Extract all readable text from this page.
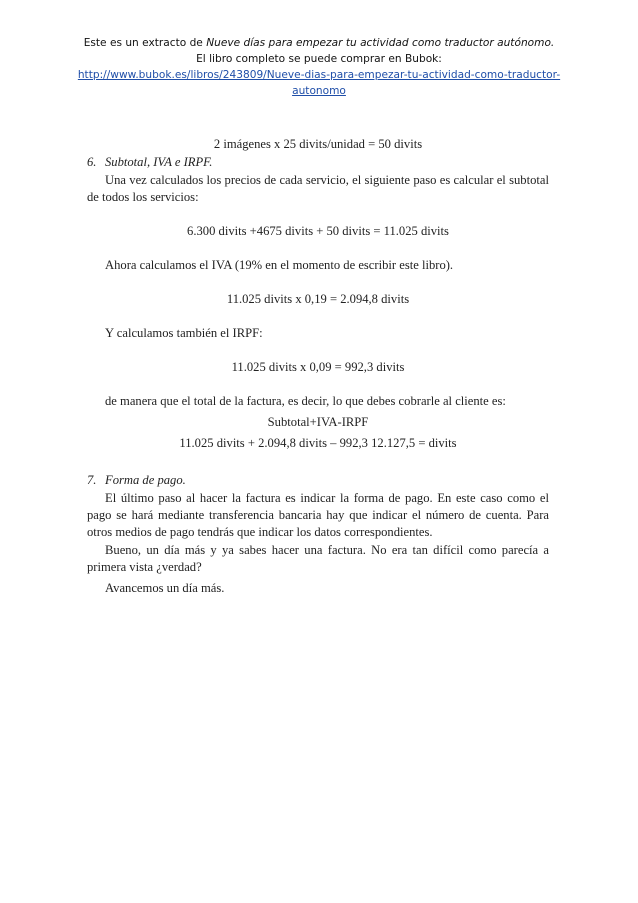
Este es un extracto de Nueve días para empezar tu actividad como traductor autónomo.
El libro completo se puede comprar en Bubok:
http://www.bubok.es/libros/243809/Nueve-dias-para-empezar-tu-actividad-como-traductor-
autonomo

2 imágenes x 25 divits/unidad = 50 divits

6. Subtotal, IVA e IRPF.

Una vez calculados los precios de cada servicio, el siguiente paso es calcular el subtotal de todos los servicios:

6.300 divits +4675 divits + 50 divits = 11.025 divits

Ahora calculamos el IVA (19% en el momento de escribir este libro).

11.025 divits x 0,19 = 2.094,8 divits

Y calculamos también el IRPF:

11.025 divits x 0,09 = 992,3 divits

de manera que el total de la factura, es decir, lo que debes cobrarle al cliente es:

Subtotal+IVA-IRPF

11.025 divits + 2.094,8 divits – 992,3 12.127,5 = divits

7. Forma de pago.

El último paso al hacer la factura es indicar la forma de pago. En este caso como el pago se hará mediante transferencia bancaria hay que indicar el número de cuenta. Para otros medios de pago tendrás que indicar los datos correspondientes.

Bueno, un día más y ya sabes hacer una factura. No era tan difícil como parecía a primera vista ¿verdad?

Avancemos un día más.
